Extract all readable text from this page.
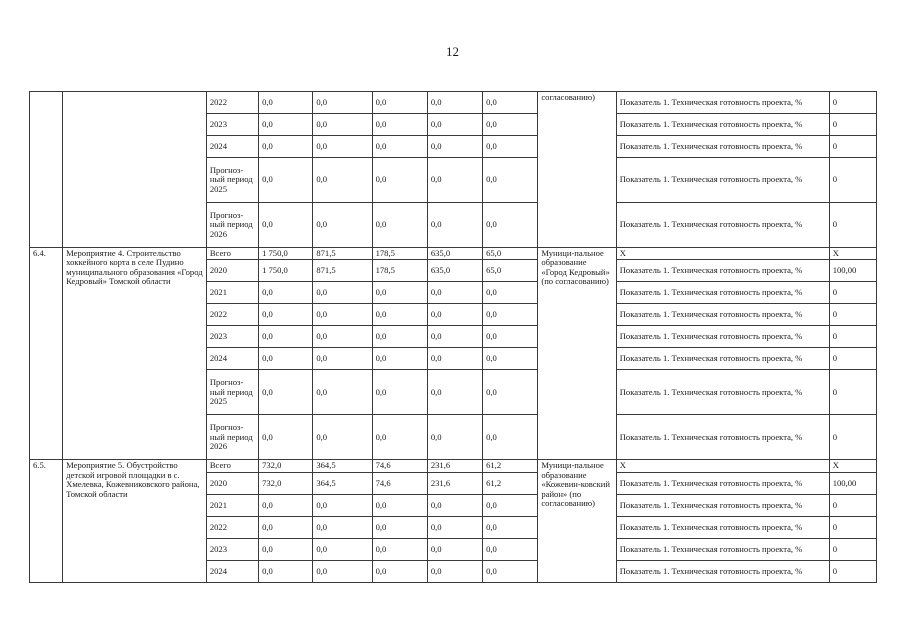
12
		2022	0,0	0,0	0,0	0,0	0,0	согласованию)	Показатель 1. Техническая готовность проекта, %	0
		2023	0,0	0,0	0,0	0,0	0,0		Показатель 1. Техническая готовность проекта, %	0
		2024	0,0	0,0	0,0	0,0	0,0		Показатель 1. Техническая готовность проекта, %	0
		Прогноз-ный период 2025	0,0	0,0	0,0	0,0	0,0		Показатель 1. Техническая готовность проекта, %	0
		Прогноз-ный период 2026	0,0	0,0	0,0	0,0	0,0		Показатель 1. Техническая готовность проекта, %	0
6.4.	Мероприятие 4. Строительство хоккейного корта в селе Пудино муниципального образования «Город Кедровый» Томской области	Всего	1 750,0	871,5	178,5	635,0	65,0	Муници-пальное образование «Город Кедровый» (по согласованию)	Х	Х
		2020	1 750,0	871,5	178,5	635,0	65,0		Показатель 1. Техническая готовность проекта, %	100,00
		2021	0,0	0,0	0,0	0,0	0,0		Показатель 1. Техническая готовность проекта, %	0
		2022	0,0	0,0	0,0	0,0	0,0		Показатель 1. Техническая готовность проекта, %	0
		2023	0,0	0,0	0,0	0,0	0,0		Показатель 1. Техническая готовность проекта, %	0
		2024	0,0	0,0	0,0	0,0	0,0		Показатель 1. Техническая готовность проекта, %	0
		Прогноз-ный период 2025	0,0	0,0	0,0	0,0	0,0		Показатель 1. Техническая готовность проекта, %	0
		Прогноз-ный период 2026	0,0	0,0	0,0	0,0	0,0		Показатель 1. Техническая готовность проекта, %	0
6.5.	Мероприятие 5. Обустройство детской игровой площадки в с. Хмелевка, Кожевниковского района, Томской области	Всего	732,0	364,5	74,6	231,6	61,2	Муници-пальное образование «Кожевин-ковский район» (по согласованию)	Х	Х
		2020	732,0	364,5	74,6	231,6	61,2		Показатель 1. Техническая готовность проекта, %	100,00
		2021	0,0	0,0	0,0	0,0	0,0		Показатель 1. Техническая готовность проекта, %	0
		2022	0,0	0,0	0,0	0,0	0,0		Показатель 1. Техническая готовность проекта, %	0
		2023	0,0	0,0	0,0	0,0	0,0		Показатель 1. Техническая готовность проекта, %	0
		2024	0,0	0,0	0,0	0,0	0,0		Показатель 1. Техническая готовность проекта, %	0
